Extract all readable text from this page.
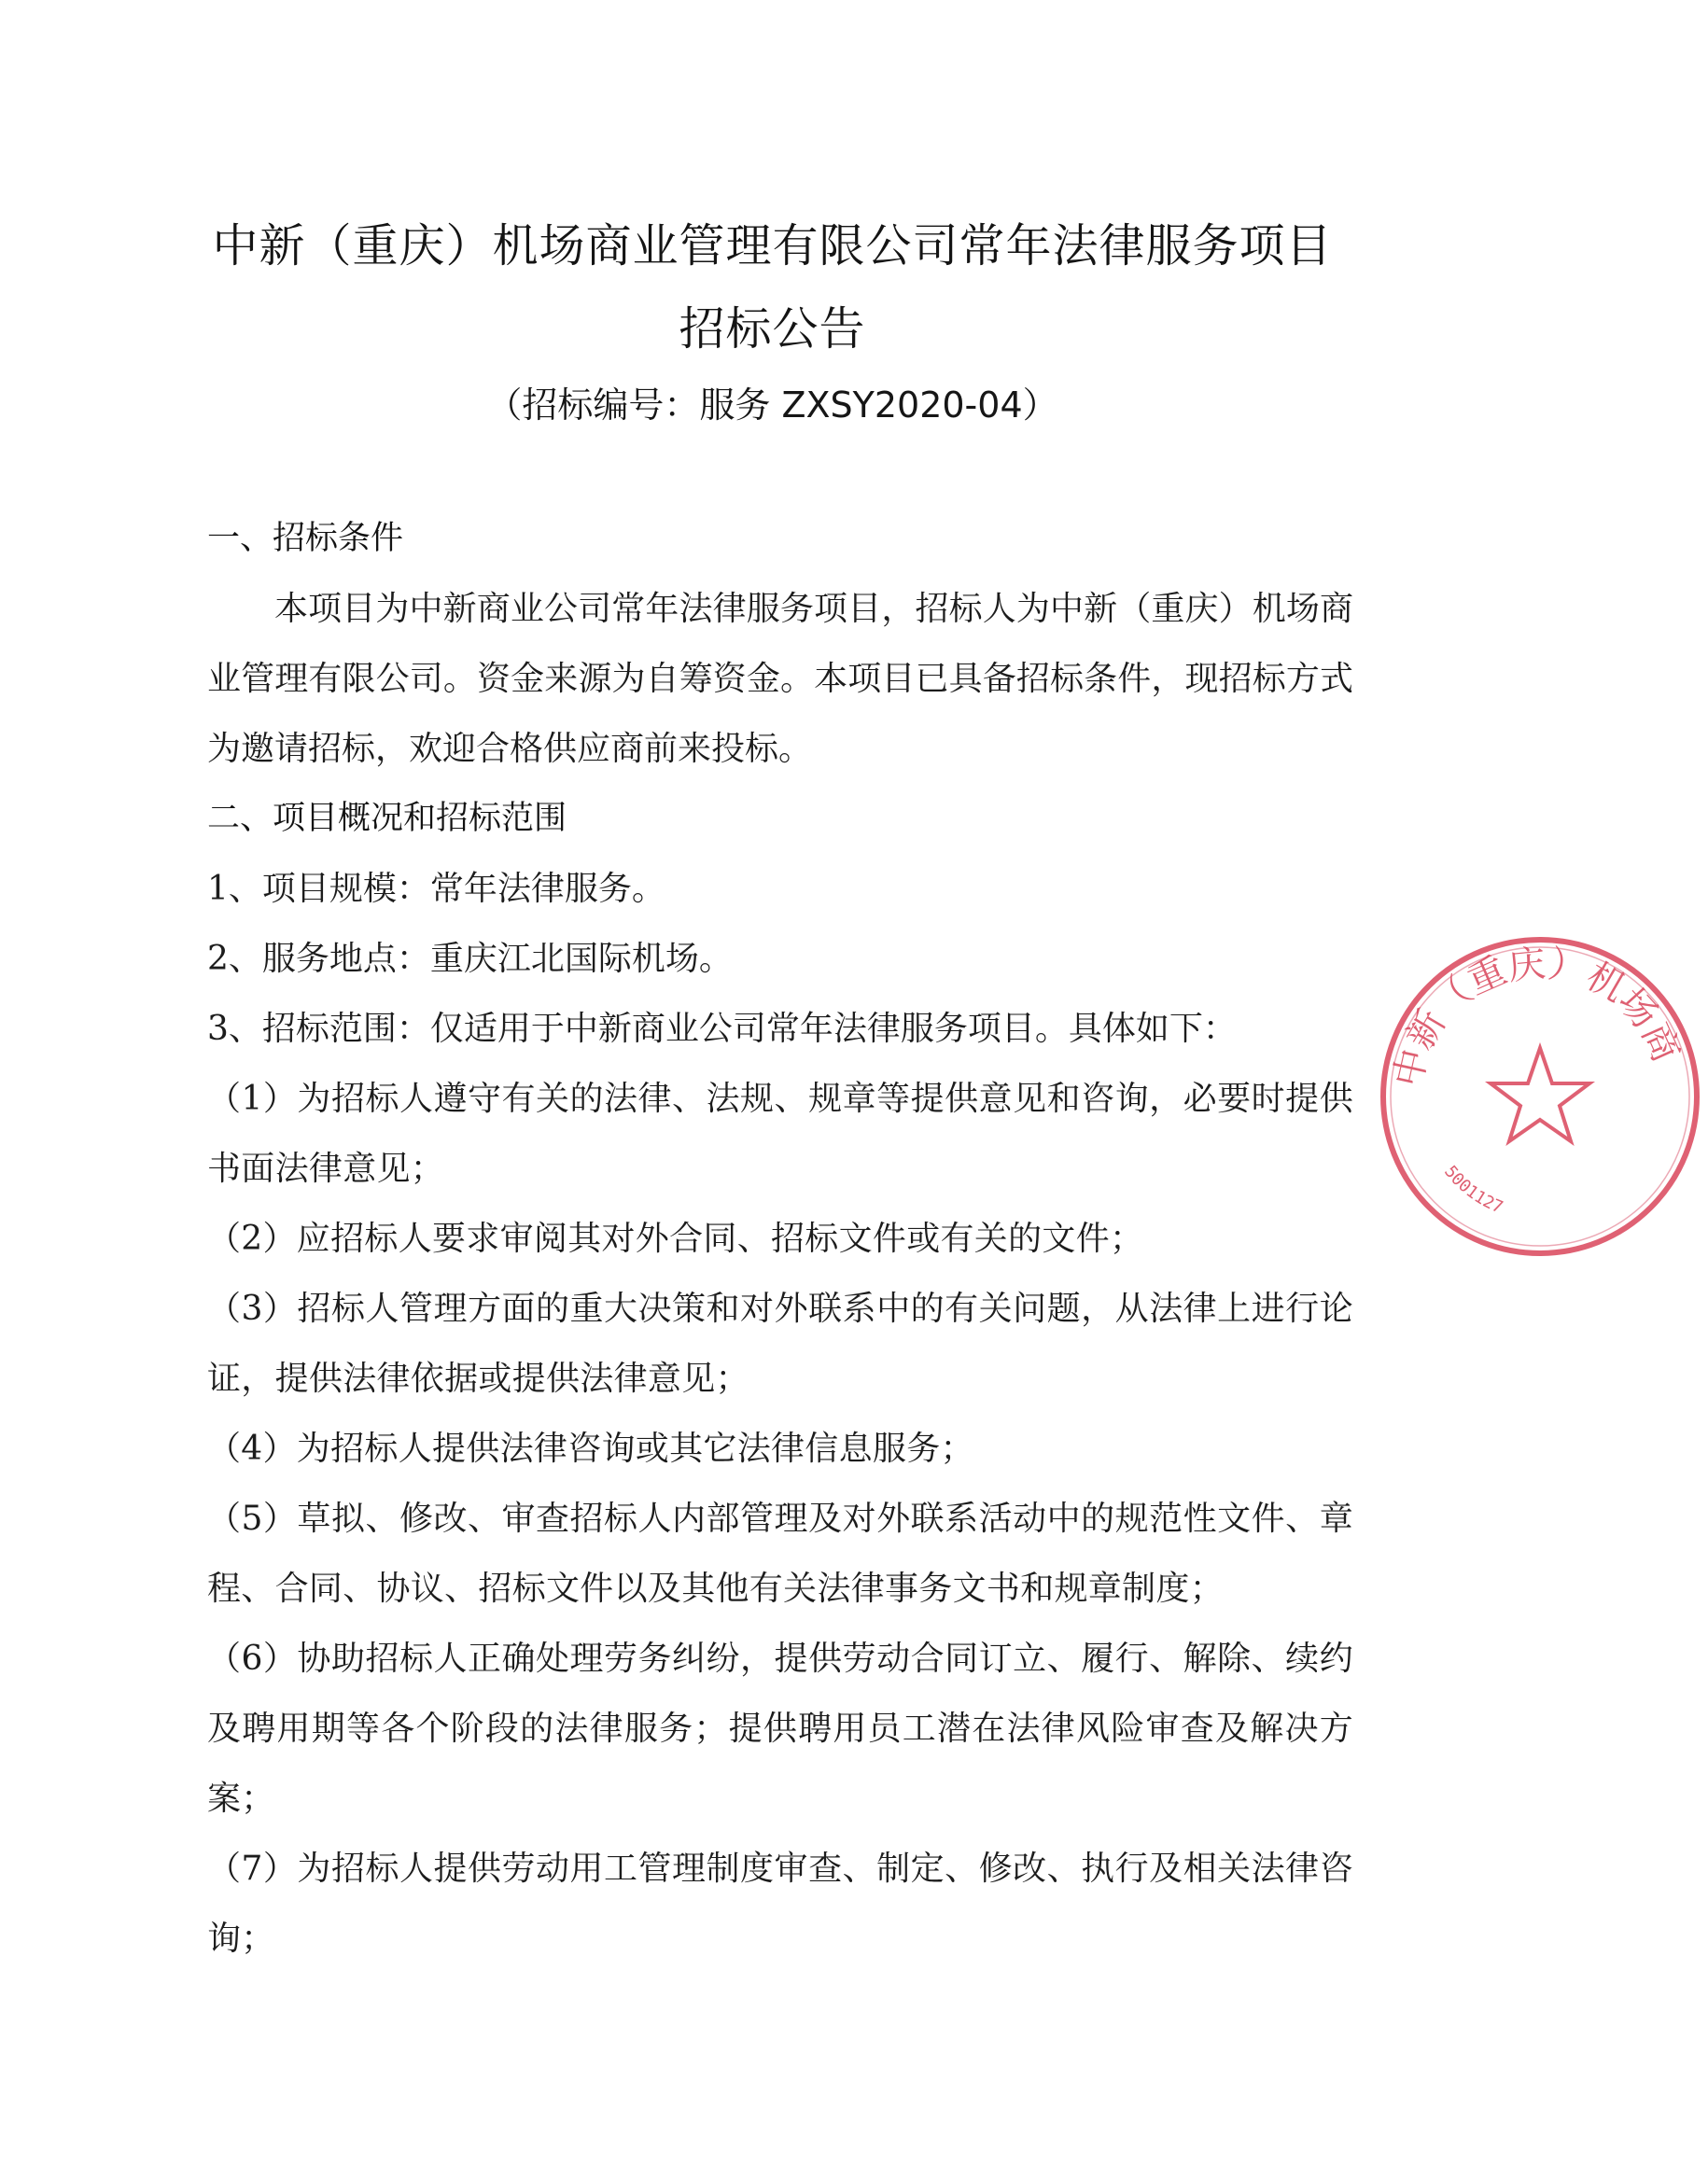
中新（重庆）机场商业管理有限公司常年法律服务项目
招标公告
（招标编号：服务 ZXSY2020-04）
一、招标条件

本项目为中新商业公司常年法律服务项目，招标人为中新（重庆）机场商业管理有限公司。资金来源为自筹资金。本项目已具备招标条件，现招标方式为邀请招标，欢迎合格供应商前来投标。

二、项目概况和招标范围
1、项目规模：常年法律服务。
2、服务地点：重庆江北国际机场。
3、招标范围：仅适用于中新商业公司常年法律服务项目。具体如下：

（1）为招标人遵守有关的法律、法规、规章等提供意见和咨询，必要时提供书面法律意见；

（2）应招标人要求审阅其对外合同、招标文件或有关的文件；

（3）招标人管理方面的重大决策和对外联系中的有关问题，从法律上进行论证，提供法律依据或提供法律意见；

（4）为招标人提供法律咨询或其它法律信息服务；

（5）草拟、修改、审查招标人内部管理及对外联系活动中的规范性文件、章程、合同、协议、招标文件以及其他有关法律事务文书和规章制度；

（6）协助招标人正确处理劳务纠纷，提供劳动合同订立、履行、解除、续约及聘用期等各个阶段的法律服务；提供聘用员工潜在法律风险审查及解决方案；

（7）为招标人提供劳动用工管理制度审查、制定、修改、执行及相关法律咨询；

中新（重庆）机场商
5001127
